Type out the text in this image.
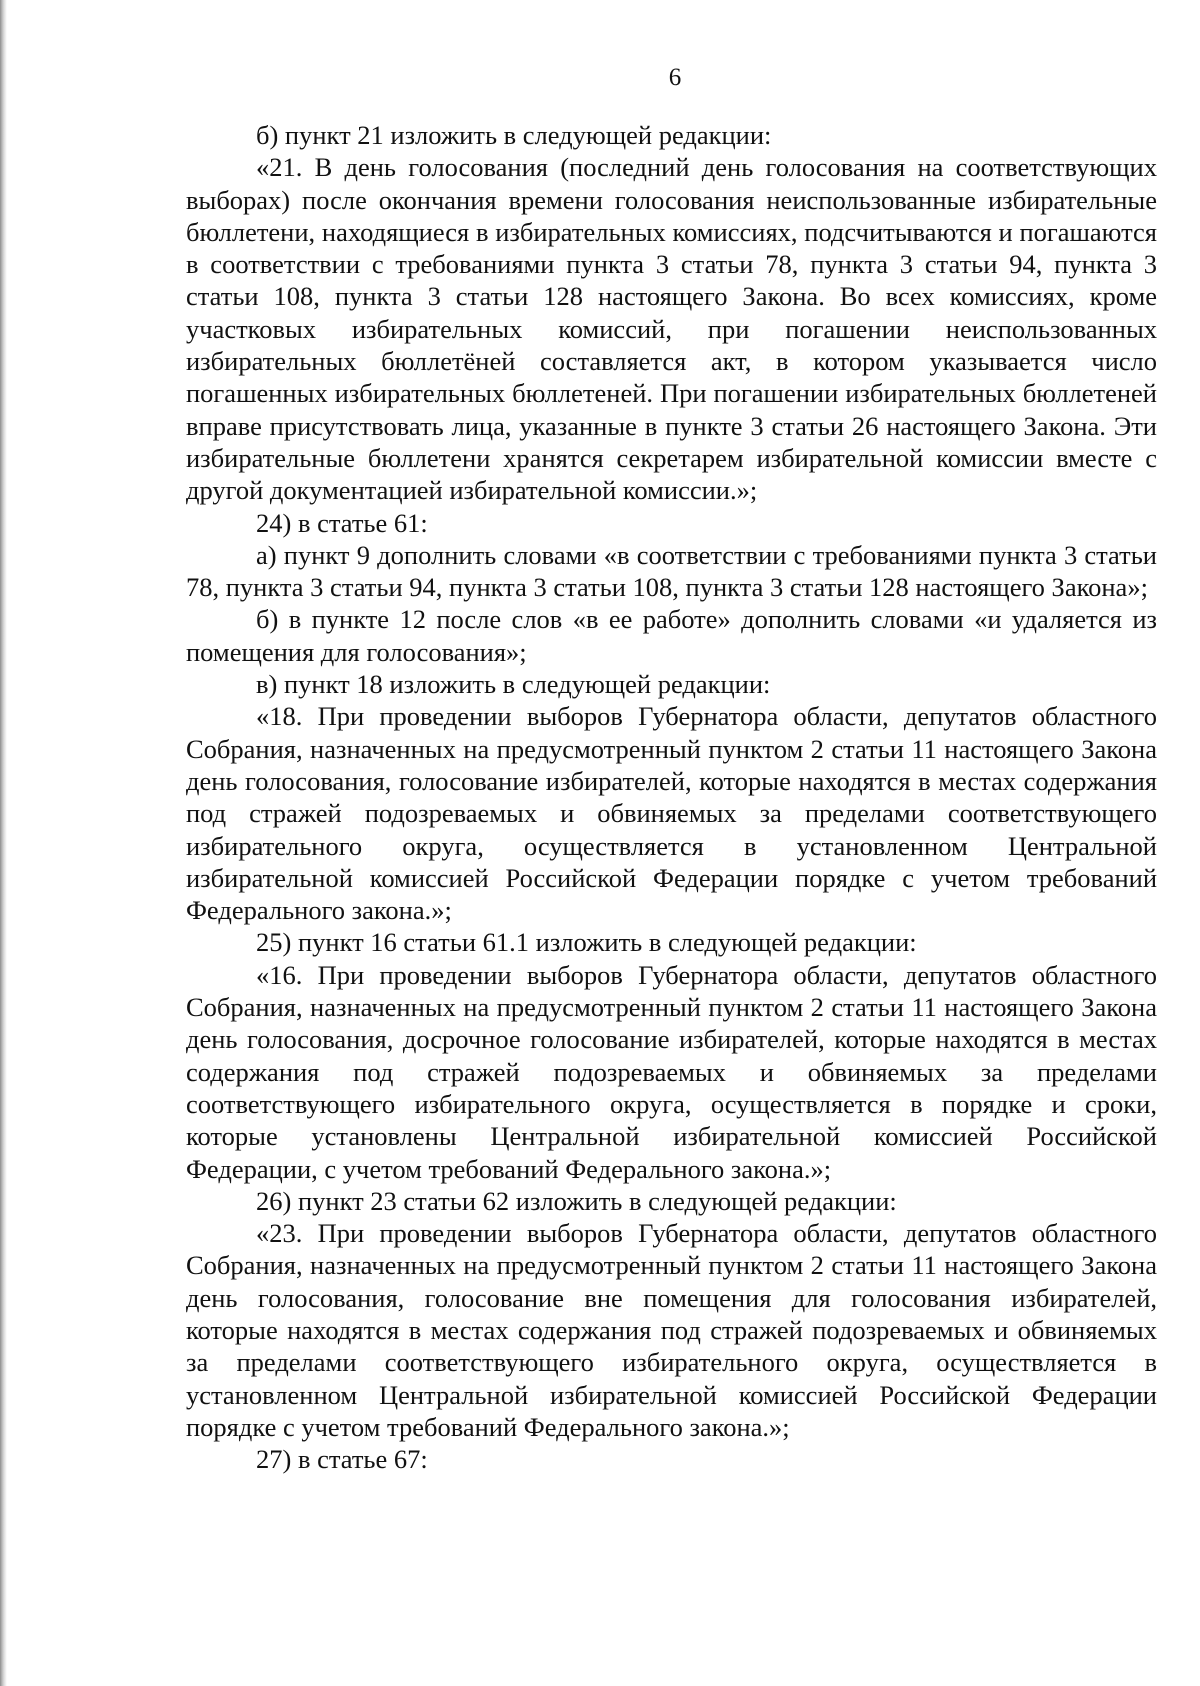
6

б) пункт 21 изложить в следующей редакции:

«21. В день голосования (последний день голосования на соответствующих выборах) после окончания времени голосования неиспользованные избирательные бюллетени, находящиеся в избирательных комиссиях, подсчитываются и погашаются в соответствии с требованиями пункта 3 статьи 78, пункта 3 статьи 94, пункта 3 статьи 108, пункта 3 статьи 128 настоящего Закона. Во всех комиссиях, кроме участковых избирательных комиссий, при погашении неиспользованных избирательных бюллетёней составляется акт, в котором указывается число погашенных избирательных бюллетеней. При погашении избирательных бюллетеней вправе присутствовать лица, указанные в пункте 3 статьи 26 настоящего Закона. Эти избирательные бюллетени хранятся секретарем избирательной комиссии вместе с другой документацией избирательной комиссии.»;

24) в статье 61:

а) пункт 9 дополнить словами «в соответствии с требованиями пункта 3 статьи 78, пункта 3 статьи 94, пункта 3 статьи 108, пункта 3 статьи 128 настоящего Закона»;

б) в пункте 12 после слов «в ее работе» дополнить словами «и удаляется из помещения для голосования»;

в) пункт 18 изложить в следующей редакции:

«18. При проведении выборов Губернатора области, депутатов областного Собрания, назначенных на предусмотренный пунктом 2 статьи 11 настоящего Закона день голосования, голосование избирателей, которые находятся в местах содержания под стражей подозреваемых и обвиняемых за пределами соответствующего избирательного округа, осуществляется в установленном Центральной избирательной комиссией Российской Федерации порядке с учетом требований Федерального закона.»;

25) пункт 16 статьи 61.1 изложить в следующей редакции:

«16. При проведении выборов Губернатора области, депутатов областного Собрания, назначенных на предусмотренный пунктом 2 статьи 11 настоящего Закона день голосования, досрочное голосование избирателей, которые находятся в местах содержания под стражей подозреваемых и обвиняемых за пределами соответствующего избирательного округа, осуществляется в порядке и сроки, которые установлены Центральной избирательной комиссией Российской Федерации, с учетом требований Федерального закона.»;

26) пункт 23 статьи 62 изложить в следующей редакции:

«23. При проведении выборов Губернатора области, депутатов областного Собрания, назначенных на предусмотренный пунктом 2 статьи 11 настоящего Закона день голосования, голосование вне помещения для голосования избирателей, которые находятся в местах содержания под стражей подозреваемых и обвиняемых за пределами соответствующего избирательного округа, осуществляется в установленном Центральной избирательной комиссией Российской Федерации порядке с учетом требований Федерального закона.»;

27) в статье 67:
